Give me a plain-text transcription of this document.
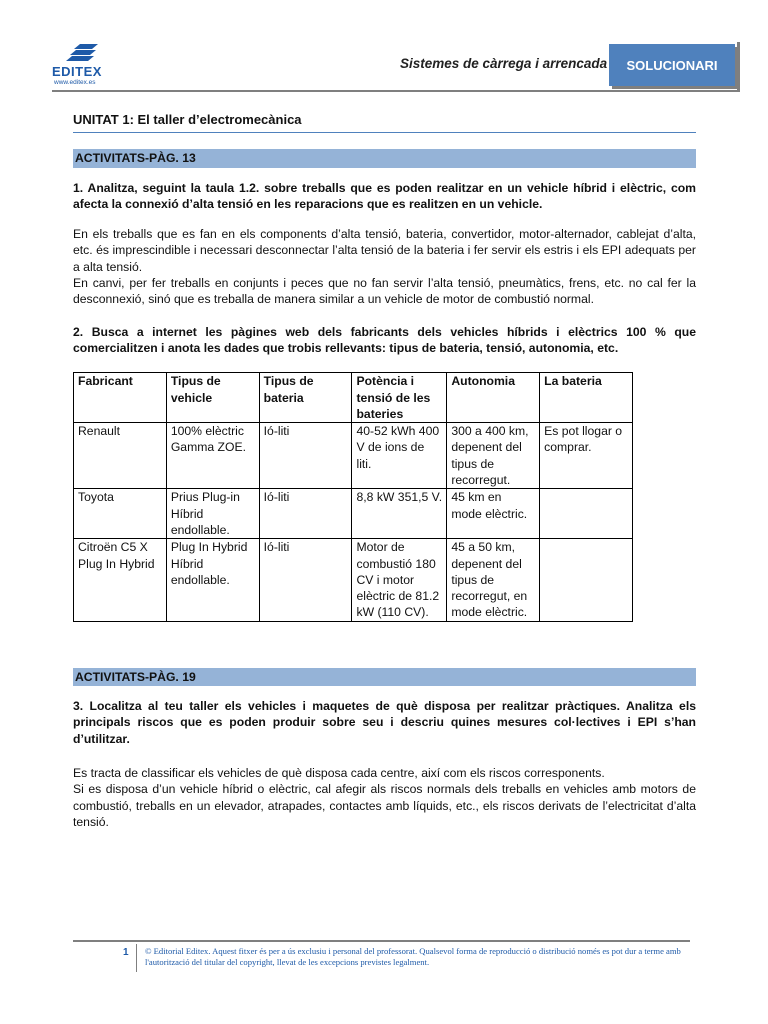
EDITEX
www.editex.es
Sistemes de càrrega i arrencada	SOLUCIONARI
UNITAT 1: El taller d’electromecànica
ACTIVITATS-PÀG. 13

1. Analitza, seguint la taula 1.2. sobre treballs que es poden realitzar en un vehicle híbrid i elèctric, com afecta la connexió d’alta tensió en les reparacions que es realitzen en un vehicle.

En els treballs que es fan en els components d’alta tensió, bateria, convertidor, motor-alternador, cablejat d’alta, etc. és imprescindible i necessari desconnectar l’alta tensió de la bateria i fer servir els estris i els EPI adequats per a alta tensió.

En canvi, per fer treballs en conjunts i peces que no fan servir l’alta tensió, pneumàtics, frens, etc. no cal fer la desconnexió, sinó que es treballa de manera similar a un vehicle de motor de combustió normal.

2. Busca a internet les pàgines web dels fabricants dels vehicles híbrids i elèctrics 100 % que comercialitzen i anota les dades que trobis rellevants: tipus de bateria, tensió, autonomia, etc.

Fabricant	Tipus de vehicle	Tipus de bateria	Potència i tensió de les bateries	Autonomia	La bateria
Renault	100% elèctric Gamma ZOE.	Ió-liti	40-52 kWh 400 V de ions de liti.	300 a 400 km, depenent del tipus de recorregut.	Es pot llogar o comprar.
Toyota	Prius Plug-in Híbrid endollable.	Ió-liti	8,8 kW 351,5 V.	45 km en mode elèctric.	
Citroën C5 X Plug In Hybrid	Plug In Hybrid Híbrid endollable.	Ió-liti	Motor de combustió 180 CV i motor elèctric de 81.2 kW (110 CV).	45 a 50 km, depenent del tipus de recorregut, en mode elèctric.	
ACTIVITATS-PÀG. 19

3. Localitza al teu taller els vehicles i maquetes de què disposa per realitzar pràctiques. Analitza els principals riscos que es poden produir sobre seu i descriu quines mesures col·lectives i EPI s’han d’utilitzar.

Es tracta de classificar els vehicles de què disposa cada centre, així com els riscos corresponents.

Si es disposa d’un vehicle híbrid o elèctric, cal afegir als riscos normals dels treballs en vehicles amb motors de combustió, treballs en un elevador, atrapades, contactes amb líquids, etc., els riscos derivats de l’electricitat d’alta tensió.

1 © Editorial Editex. Aquest fitxer és per a ús exclusiu i personal del professorat. Qualsevol forma de reproducció o distribució només es pot dur a terme amb l'autorització del titular del copyright, llevat de les excepcions previstes legalment.
